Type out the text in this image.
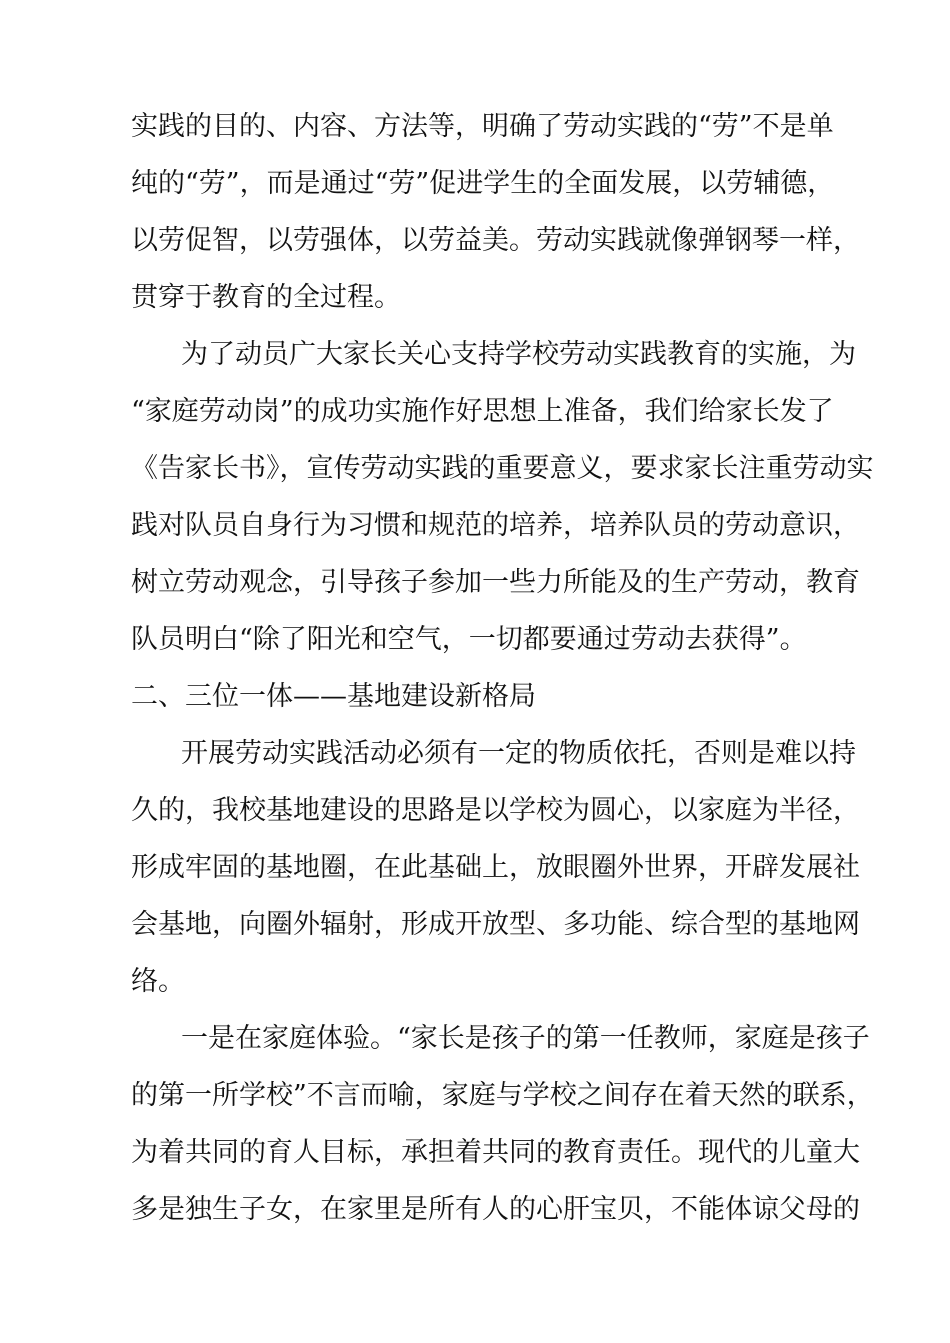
实践的目的、内容、方法等，明确了劳动实践的“劳”不是单
纯的“劳”，而是通过“劳”促进学生的全面发展，以劳辅德，
以劳促智，以劳强体，以劳益美。劳动实践就像弹钢琴一样，
贯穿于教育的全过程。
为了动员广大家长关心支持学校劳动实践教育的实施，为
“家庭劳动岗”的成功实施作好思想上准备，我们给家长发了
《告家长书》，宣传劳动实践的重要意义，要求家长注重劳动实
践对队员自身行为习惯和规范的培养，培养队员的劳动意识，
树立劳动观念，引导孩子参加一些力所能及的生产劳动，教育
队员明白“除了阳光和空气，一切都要通过劳动去获得”。
二、三位一体——基地建设新格局
开展劳动实践活动必须有一定的物质依托，否则是难以持
久的，我校基地建设的思路是以学校为圆心，以家庭为半径，
形成牢固的基地圈，在此基础上，放眼圈外世界，开辟发展社
会基地，向圈外辐射，形成开放型、多功能、综合型的基地网
络。
一是在家庭体验。“家长是孩子的第一任教师，家庭是孩子
的第一所学校”不言而喻，家庭与学校之间存在着天然的联系，
为着共同的育人目标，承担着共同的教育责任。现代的儿童大
多是独生子女，在家里是所有人的心肝宝贝，不能体谅父母的
